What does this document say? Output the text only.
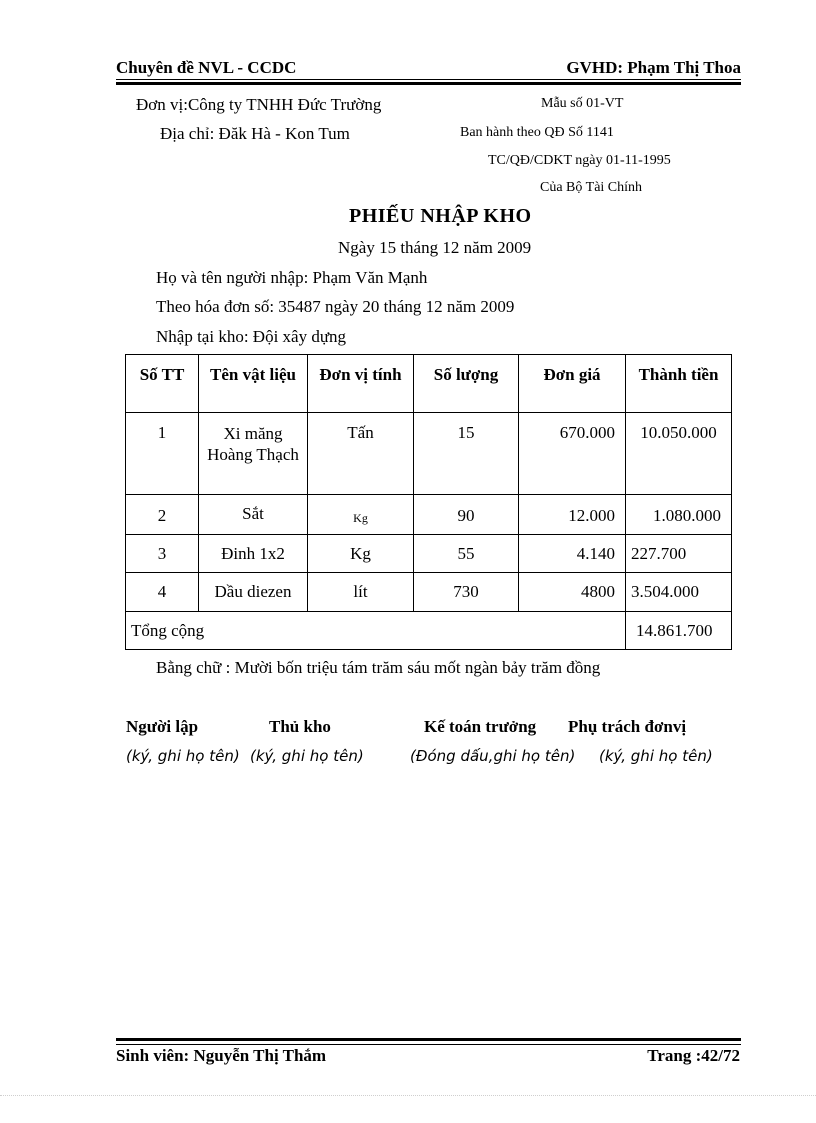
Chuyên đề NVL - CCDC	GVHD: Phạm Thị Thoa
Đơn vị:Công ty TNHH Đức Trường
Địa chỉ: Đăk Hà - Kon Tum
Mẫu số 01-VT
Ban hành theo QĐ Số 1141
TC/QĐ/CDKT ngày 01-11-1995
Của Bộ Tài Chính
PHIẾU NHẬP KHO
Ngày 15 tháng 12 năm 2009
Họ và tên người nhập: Phạm Văn Mạnh
Theo hóa đơn số: 35487 ngày 20 tháng 12 năm 2009
Nhập tại kho: Đội xây dựng
Số TT	Tên vật liệu	Đơn vị tính	Số lượng	Đơn giá	Thành tiền
1	Xi măng Hoàng Thạch	Tấn	15	670.000	10.050.000
2	Sắt	Kg	90	12.000	1.080.000
3	Đinh 1x2	Kg	55	4.140	227.700
4	Dầu diezen	lít	730	4800	3.504.000
Tổng cộng					14.861.700
Bằng chữ : Mười bốn triệu tám trăm sáu mốt ngàn bảy trăm đồng
Người lập	Thủ kho	Kế toán trưởng Phụ trách đơnvị
(ký, ghi họ tên) (ký, ghi họ tên)	(Đóng dấu,ghi họ tên) (ký, ghi họ tên)
Sinh viên: Nguyễn Thị Thắm	Trang :42/72
